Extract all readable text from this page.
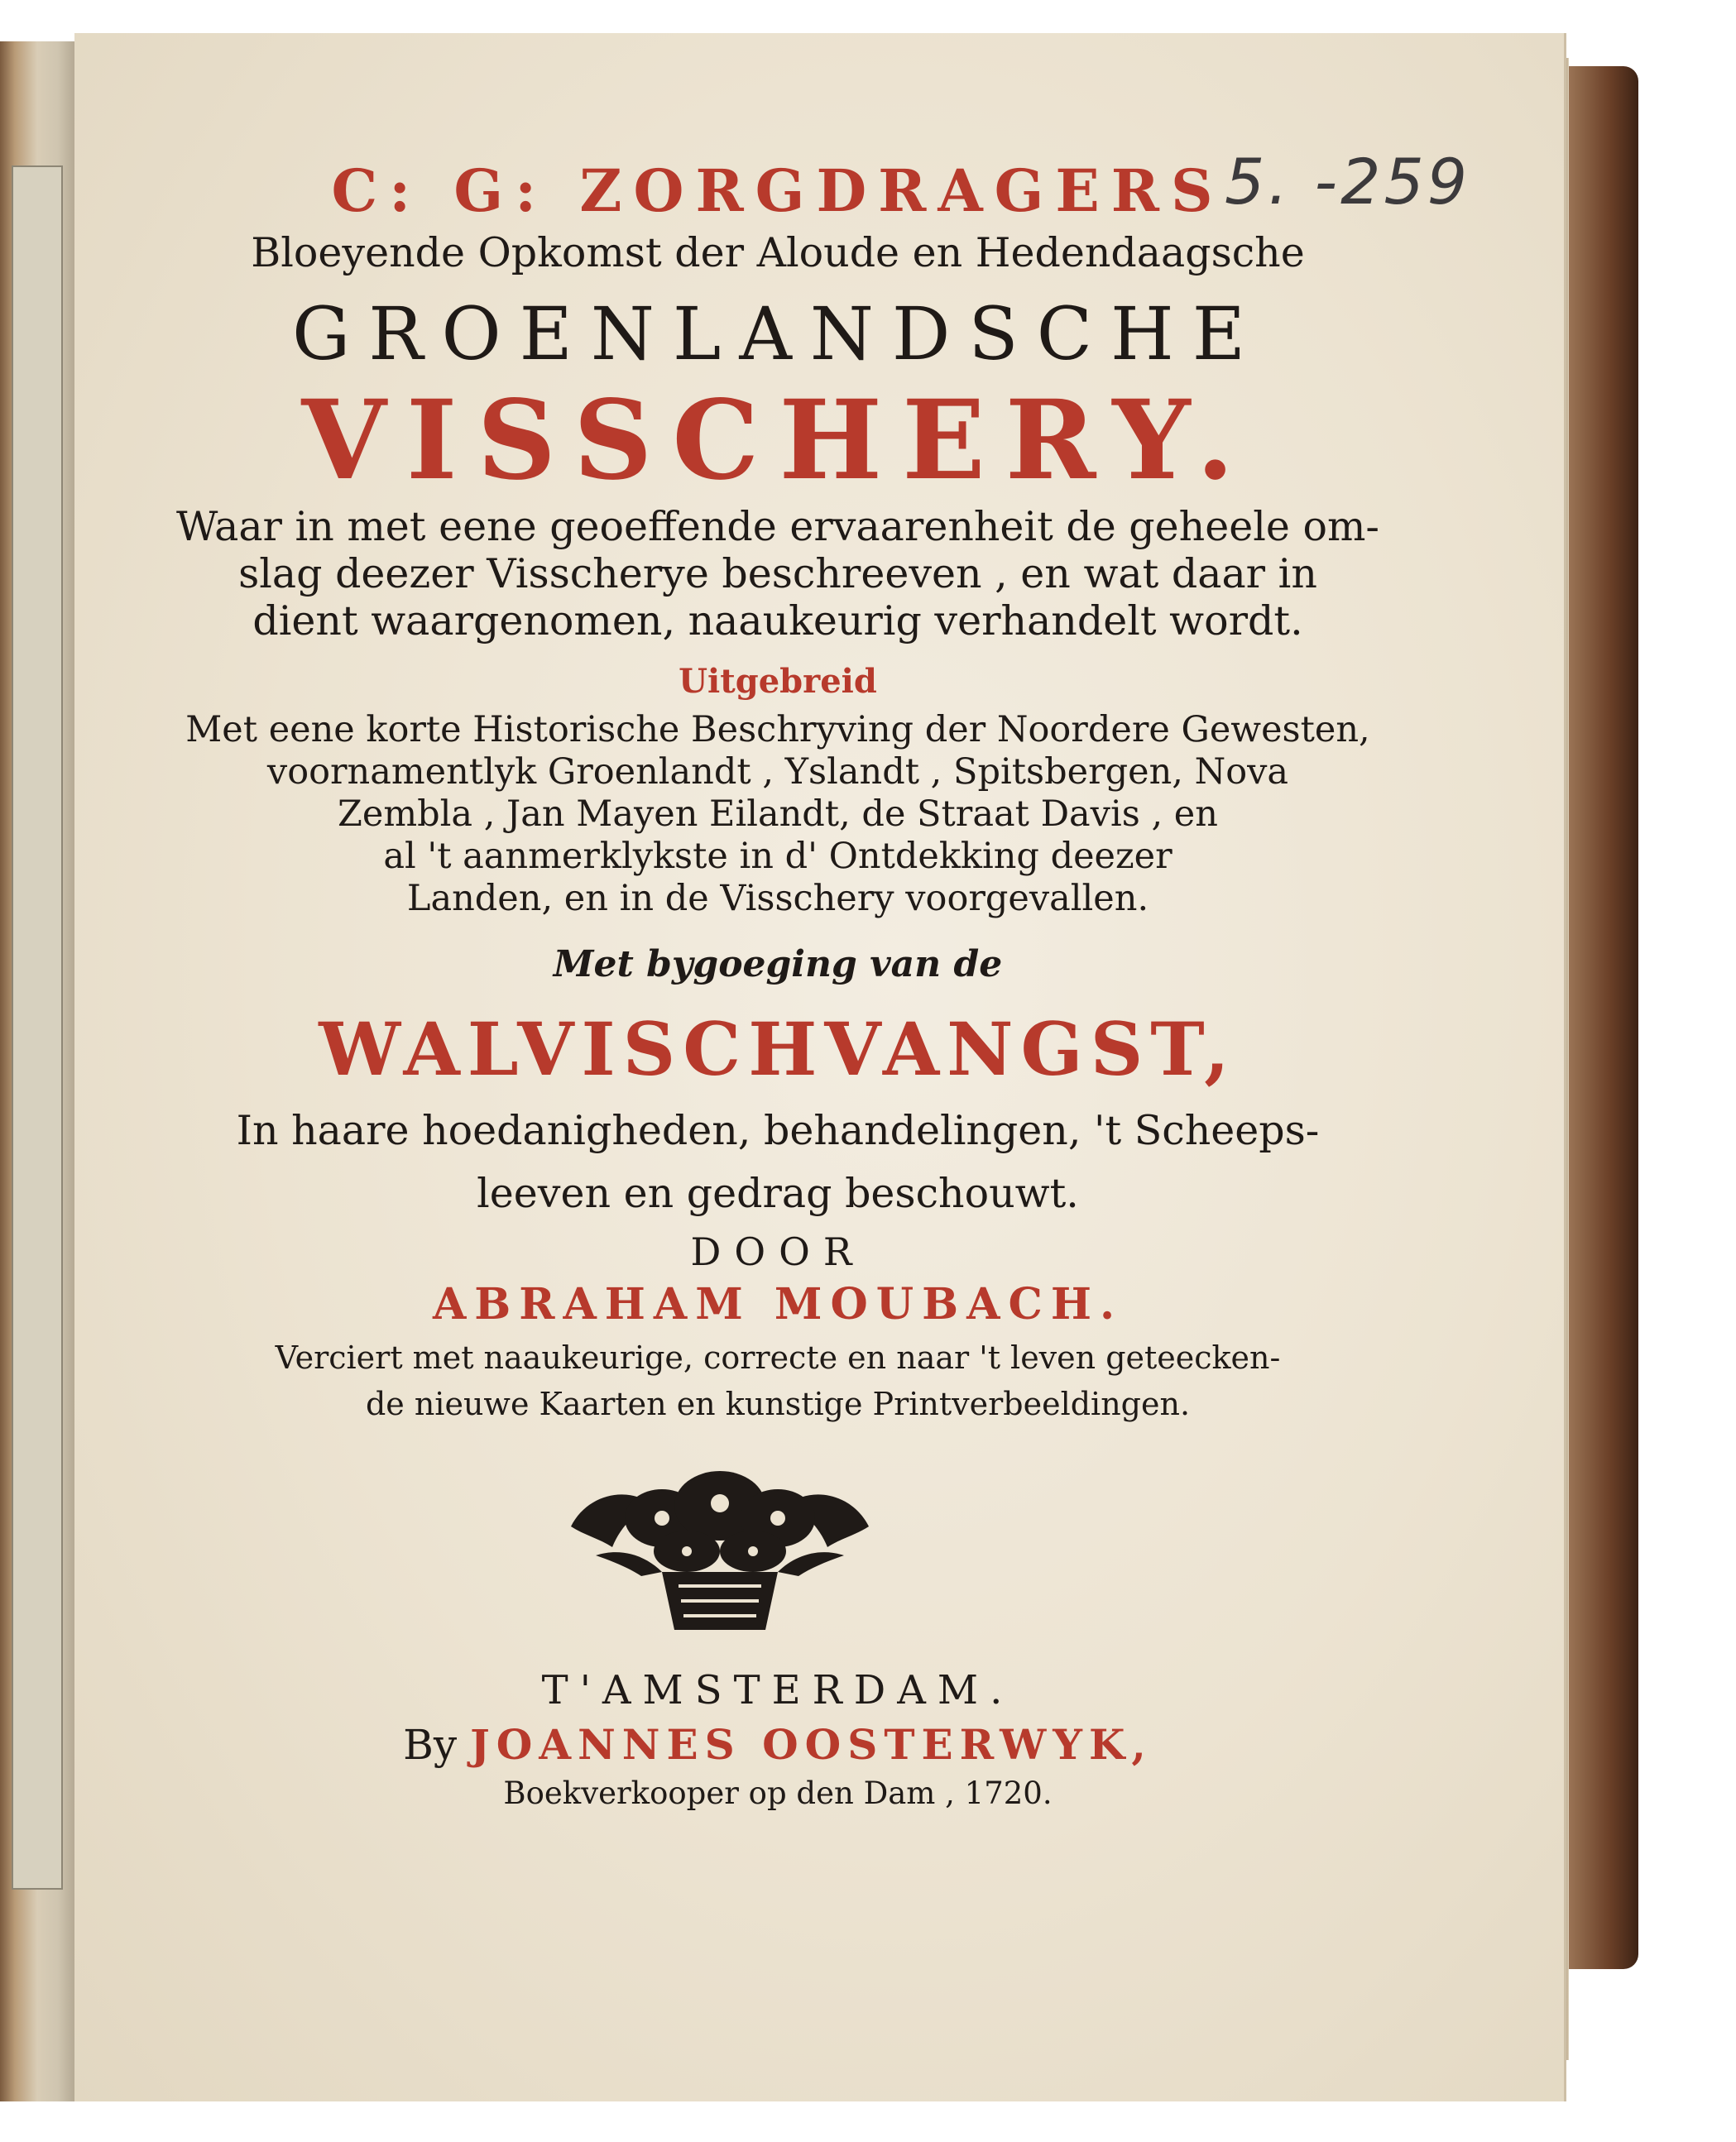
5. -259

C: G: ZORGDRAGERS

Bloeyende Opkomst der Aloude en Hedendaagsche

GROENLANDSCHE

VISSCHERY.

Waar in met eene geoeffende ervaarenheit de geheele om-

slag deezer Visscherye beschreeven , en wat daar in

dient waargenomen, naaukeurig verhandelt wordt.

Uitgebreid

Met eene korte Historische Beschryving der Noordere Gewesten,

voornamentlyk Groenlandt , Yslandt , Spitsbergen, Nova

Zembla , Jan Mayen Eilandt, de Straat Davis , en

al 't aanmerklykste in d' Ontdekking deezer

Landen, en in de Visschery voorgevallen.

Met bygoeging van de

WALVISCHVANGST,

In haare hoedanigheden, behandelingen, 't Scheeps-

leeven en gedrag beschouwt.

DOOR

ABRAHAM MOUBACH.

Verciert met naaukeurige, correcte en naar 't leven geteecken-

de nieuwe Kaarten en kunstige Printverbeeldingen.

T'AMSTERDAM.

By JOANNES OOSTERWYK,

Boekverkooper op den Dam , 1720.
